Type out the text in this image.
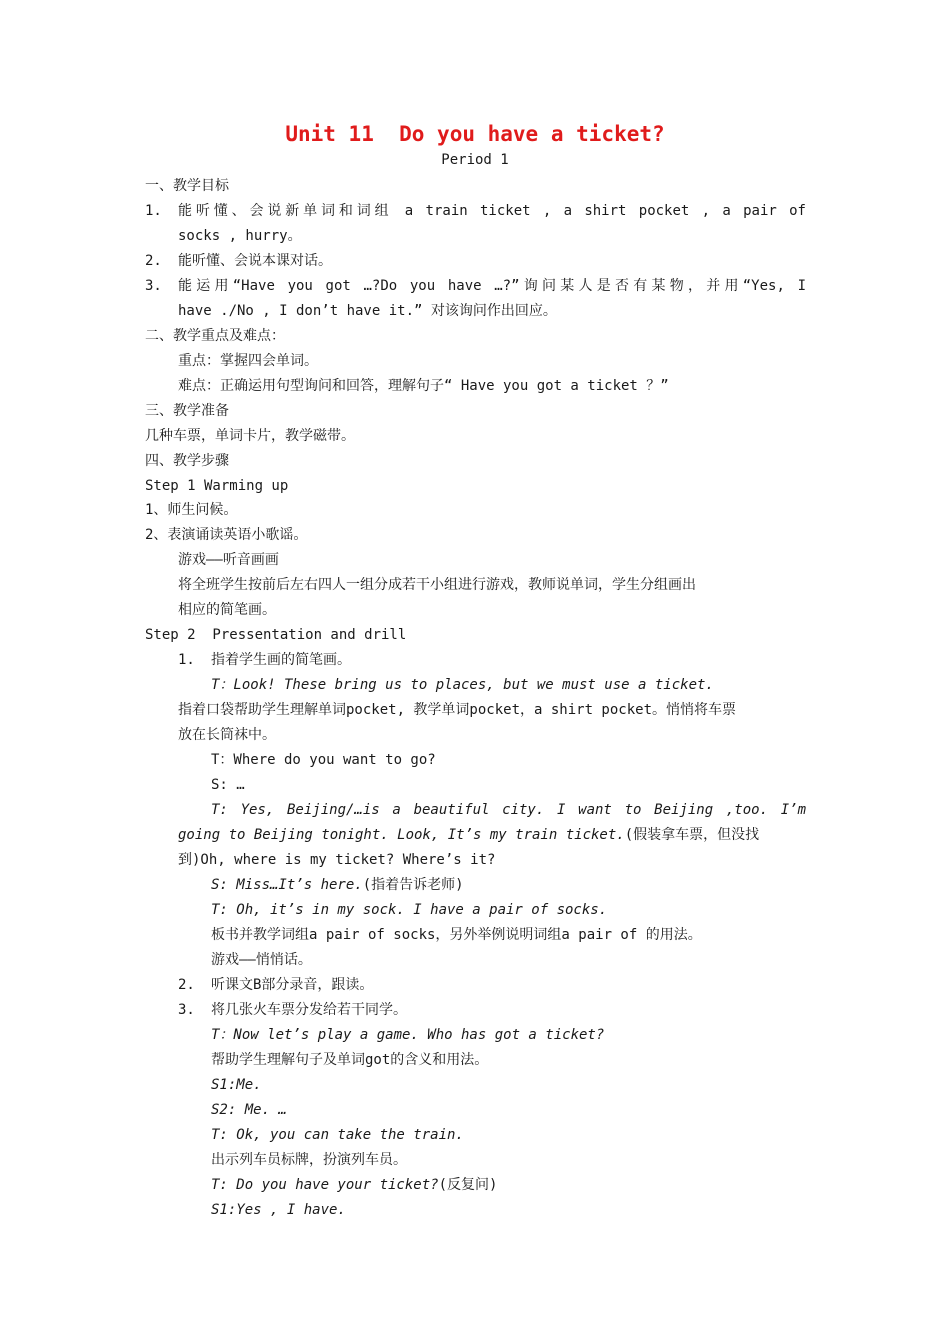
Unit 11  Do you have a ticket?
Period 1
一、教学目标
1. 能听懂、会说新单词和词组 a train ticket , a shirt pocket , a pair of
socks , hurry。
2. 能听懂、会说本课对话。
3. 能运用“Have you got …?Do you have …?”询问某人是否有某物，并用“Yes, I
have ./No , I don’t have it.” 对该询问作出回应。
二、教学重点及难点：
重点：掌握四会单词。
难点：正确运用句型询问和回答，理解句子“ Have you got a ticket ？”
三、教学准备
几种车票，单词卡片，教学磁带。
四、教学步骤
Step 1 Warming up
1、师生问候。
2、表演诵读英语小歌谣。
游戏——听音画画
将全班学生按前后左右四人一组分成若干小组进行游戏，教师说单词，学生分组画出
相应的简笔画。
Step 2  Pressentation and drill
1. 指着学生画的简笔画。
T：Look! These bring us to places, but we must use a ticket.
指着口袋帮助学生理解单词pocket, 教学单词pocket，a shirt pocket。悄悄将车票
放在长筒袜中。
T：Where do you want to go?
S: …
T: Yes, Beijing/…is a beautiful city. I want to Beijing ,too. I’m
going to Beijing tonight. Look, It’s my train ticket.(假装拿车票，但没找
到)Oh, where is my ticket? Where’s it?
S: Miss…It’s here.(指着告诉老师)
T: Oh, it’s in my sock. I have a pair of socks.
板书并教学词组a pair of socks，另外举例说明词组a pair of 的用法。
游戏——悄悄话。
2. 听课文B部分录音，跟读。
3. 将几张火车票分发给若干同学。
T：Now let’s play a game. Who has got a ticket?
帮助学生理解句子及单词got的含义和用法。
S1:Me.
S2: Me. …
T: Ok, you can take the train.
出示列车员标牌，扮演列车员。
T: Do you have your ticket?(反复问)
S1:Yes , I have.
